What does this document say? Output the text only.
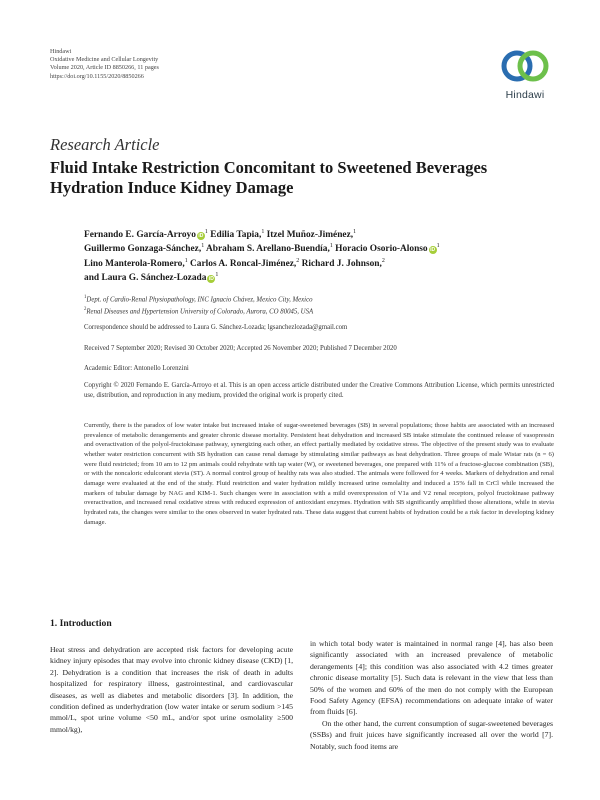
Hindawi
Oxidative Medicine and Cellular Longevity
Volume 2020, Article ID 8850266, 11 pages
https://doi.org/10.1155/2020/8850266
Hindawi
Research Article
Fluid Intake Restriction Concomitant to Sweetened Beverages Hydration Induce Kidney Damage
Fernando E. García-Arroyo $iD^1$ Edilia Tapia,$^1$ Itzel Muñoz-Jiménez,$^1$
Guillermo Gonzaga-Sánchez,$^1$ Abraham S. Arellano-Buendía,$^1$ Horacio Osorio-Alonso $iD^1$
Lino Manterola-Romero,$^1$ Carlos A. Roncal-Jiménez,$^2$ Richard J. Johnson,$^2$
and Laura G. Sánchez-Lozada $iD^1$
$^1$Dept. of Cardio-Renal Physiopathology, INC Ignacio Chávez, Mexico City, Mexico
$^2$Renal Diseases and Hypertension University of Colorado, Aurora, CO 80045, USA
Correspondence should be addressed to Laura G. Sánchez-Lozada; lgsanchezlozada@gmail.com
Received 7 September 2020; Revised 30 October 2020; Accepted 26 November 2020; Published 7 December 2020
Academic Editor: Antonello Lorenzini
Copyright © 2020 Fernando E. García-Arroyo et al. This is an open access article distributed under the Creative Commons Attribution License, which permits unrestricted use, distribution, and reproduction in any medium, provided the original work is properly cited.
Currently, there is the paradox of low water intake but increased intake of sugar-sweetened beverages (SB) in several populations; those habits are associated with an increased prevalence of metabolic derangements and greater chronic disease mortality. Persistent heat dehydration and increased SB intake stimulate the continued release of vasopressin and overactivation of the polyol-fructokinase pathway, synergizing each other, an effect partially mediated by oxidative stress. The objective of the present study was to evaluate whether water restriction concurrent with SB hydration can cause renal damage by stimulating similar pathways as heat dehydration. Three groups of male Wistar rats (n = 6) were fluid restricted; from 10 am to 12 pm animals could rehydrate with tap water (W), or sweetened beverages, one prepared with 11% of a fructose-glucose combination (SB), or with the noncaloric edulcorant stevia (ST). A normal control group of healthy rats was also studied. The animals were followed for 4 weeks. Markers of dehydration and renal damage were evaluated at the end of the study. Fluid restriction and water hydration mildly increased urine osmolality and induced a 15% fall in CrCl while increased the markers of tubular damage by NAG and KIM-1. Such changes were in association with a mild overexpression of V1a and V2 renal receptors, polyol fructokinase pathway overactivation, and increased renal oxidative stress with reduced expression of antioxidant enzymes. Hydration with SB significantly amplified those alterations, while in stevia hydrated rats, the changes were similar to the ones observed in water hydrated rats. These data suggest that current habits of hydration could be a risk factor in developing kidney damage.
1. Introduction

Heat stress and dehydration are accepted risk factors for developing acute kidney injury episodes that may evolve into chronic kidney disease (CKD) [1, 2]. Dehydration is a condition that increases the risk of death in adults hospitalized for respiratory illness, gastrointestinal, and cardiovascular diseases, as well as diabetes and metabolic disorders [3]. In addition, the condition defined as underhydration (low water intake or serum sodium >145 mmol/L, spot urine volume <50 mL, and/or spot urine osmolality ≥500 mmol/kg),

in which total body water is maintained in normal range [4], has also been significantly associated with an increased prevalence of metabolic derangements [4]; this condition was also associated with 4.2 times greater chronic disease mortality [5]. Such data is relevant in the view that less than 50% of the women and 60% of the men do not comply with the European Food Safety Agency (EFSA) recommendations on adequate intake of water from fluids [6].

On the other hand, the current consumption of sugar-sweetened beverages (SSBs) and fruit juices have significantly increased all over the world [7]. Notably, such food items are
